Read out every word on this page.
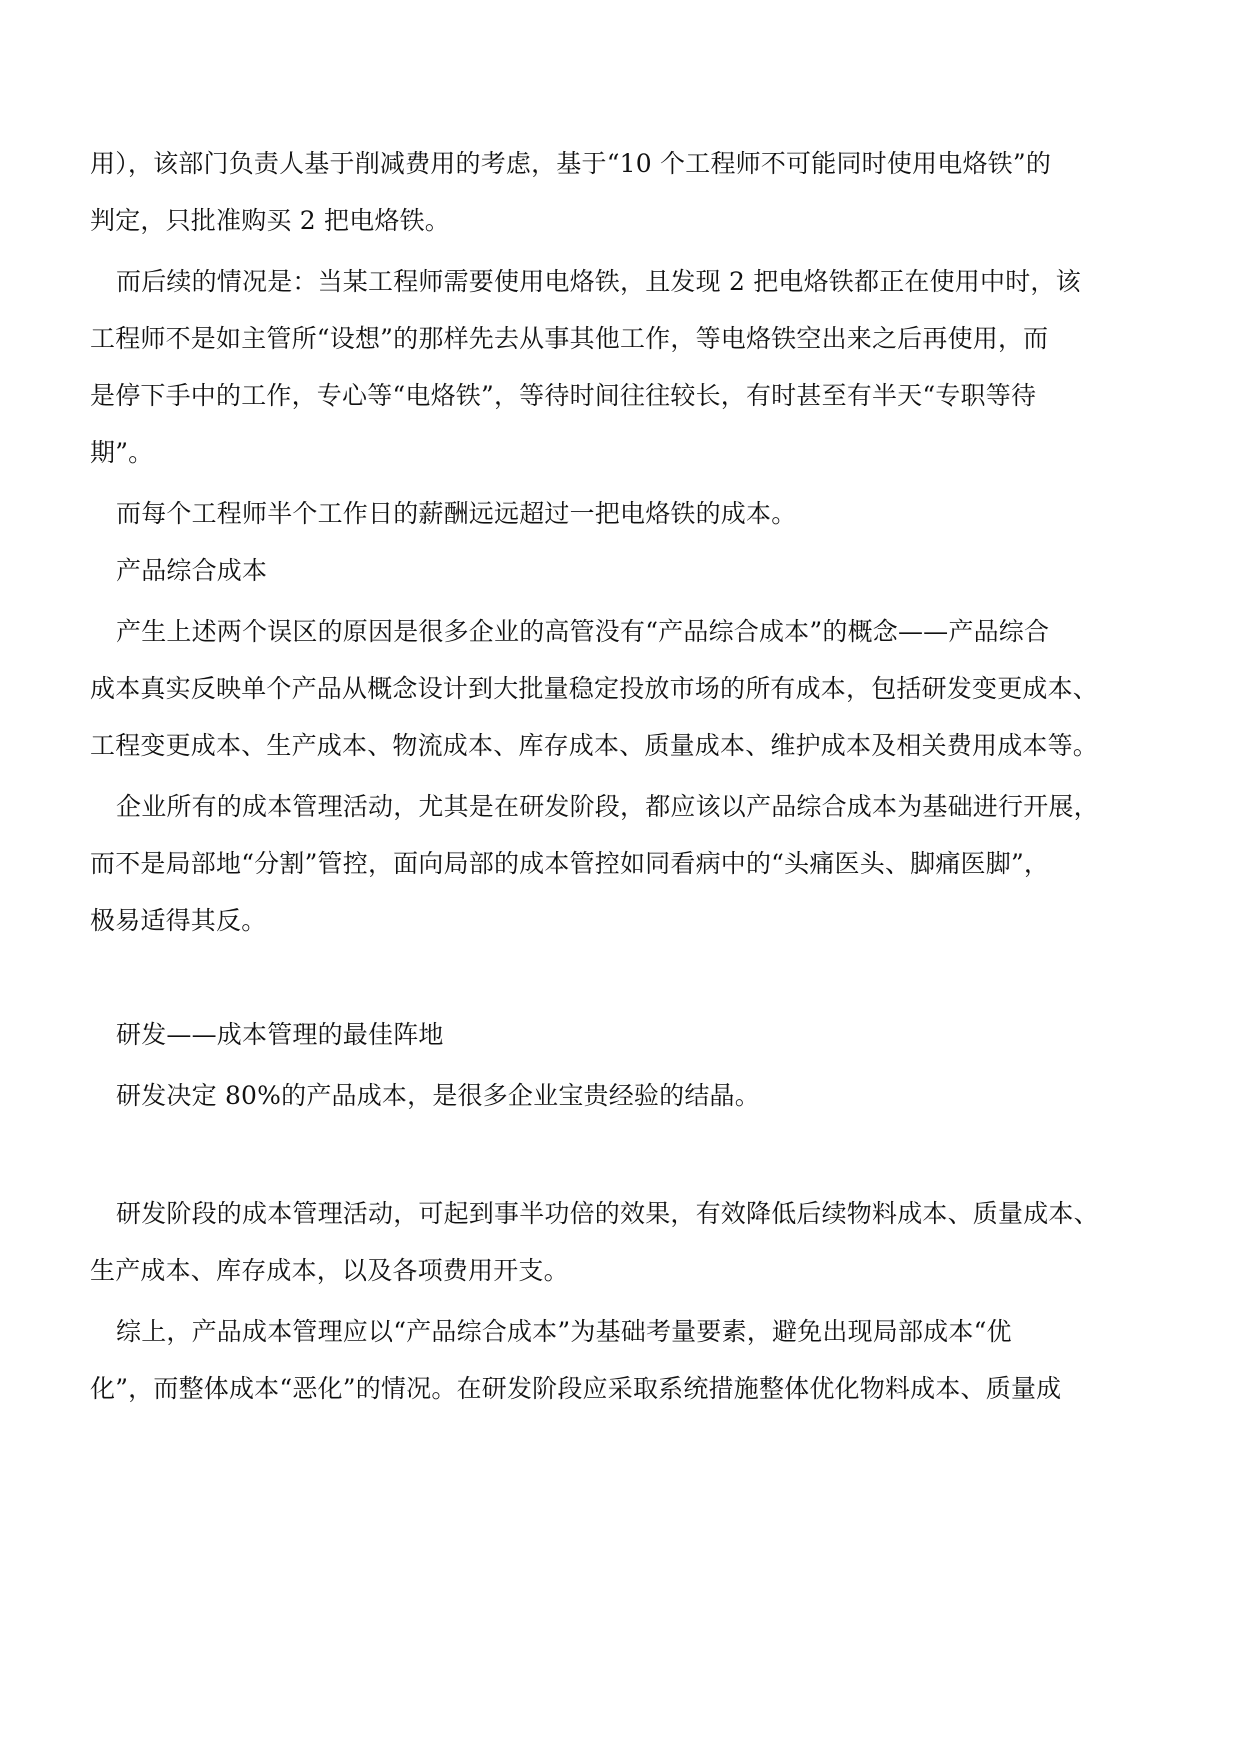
用），该部门负责人基于削减费用的考虑，基于“10 个工程师不可能同时使用电烙铁”的
判定，只批准购买 2 把电烙铁。
而后续的情况是：当某工程师需要使用电烙铁，且发现 2 把电烙铁都正在使用中时，该
工程师不是如主管所“设想”的那样先去从事其他工作，等电烙铁空出来之后再使用，而
是停下手中的工作，专心等“电烙铁”，等待时间往往较长，有时甚至有半天“专职等待
期”。
而每个工程师半个工作日的薪酬远远超过一把电烙铁的成本。
产品综合成本
产生上述两个误区的原因是很多企业的高管没有“产品综合成本”的概念——产品综合
成本真实反映单个产品从概念设计到大批量稳定投放市场的所有成本，包括研发变更成本、
工程变更成本、生产成本、物流成本、库存成本、质量成本、维护成本及相关费用成本等。
企业所有的成本管理活动，尤其是在研发阶段，都应该以产品综合成本为基础进行开展，
而不是局部地“分割”管控，面向局部的成本管控如同看病中的“头痛医头、脚痛医脚”，
极易适得其反。
研发——成本管理的最佳阵地
研发决定 80%的产品成本，是很多企业宝贵经验的结晶。
研发阶段的成本管理活动，可起到事半功倍的效果，有效降低后续物料成本、质量成本、
生产成本、库存成本，以及各项费用开支。
综上，产品成本管理应以“产品综合成本”为基础考量要素，避免出现局部成本“优
化”，而整体成本“恶化”的情况。在研发阶段应采取系统措施整体优化物料成本、质量成
